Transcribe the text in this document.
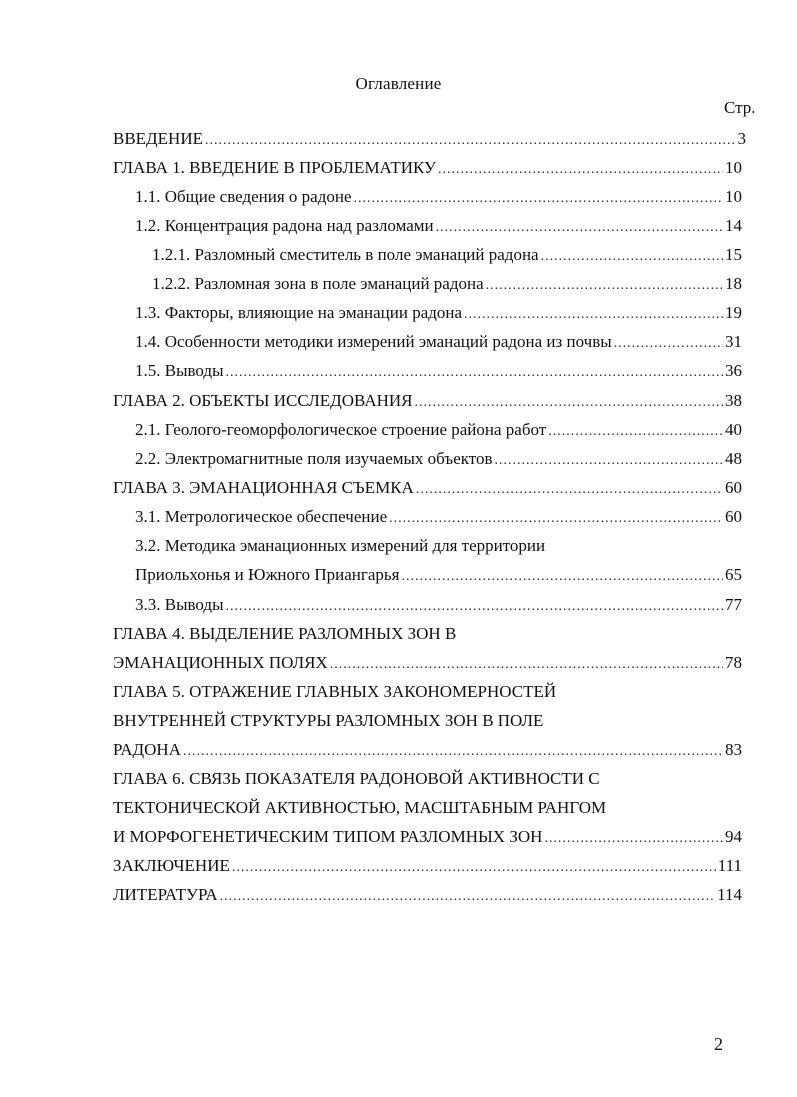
Оглавление
Стр.
ВВЕДЕНИЕ .....	3
ГЛАВА 1. ВВЕДЕНИЕ В ПРОБЛЕМАТИКУ .....	10
1.1. Общие сведения о радоне .....	10
1.2. Концентрация радона над разломами .....	14
1.2.1. Разломный сместитель в поле эманаций радона .....	15
1.2.2. Разломная зона в поле эманаций радона .....	18
1.3. Факторы, влияющие на эманации радона .....	19
1.4. Особенности методики измерений эманаций радона из почвы .....	31
1.5. Выводы .....	36
ГЛАВА 2. ОБЪЕКТЫ ИССЛЕДОВАНИЯ .....	38
2.1. Геолого-геоморфологическое строение района работ .....	40
2.2. Электромагнитные поля изучаемых объектов .....	48
ГЛАВА 3. ЭМАНАЦИОННАЯ СЪЕМКА .....	60
3.1. Метрологическое обеспечение .....	60
3.2. Методика эманационных измерений для территории
Приольхонья и Южного Приангарья .....	65
3.3. Выводы .....	77
ГЛАВА 4. ВЫДЕЛЕНИЕ РАЗЛОМНЫХ ЗОН В
ЭМАНАЦИОННЫХ ПОЛЯХ .....	78
ГЛАВА 5. ОТРАЖЕНИЕ ГЛАВНЫХ ЗАКОНОМЕРНОСТЕЙ
ВНУТРЕННЕЙ СТРУКТУРЫ РАЗЛОМНЫХ ЗОН В ПОЛЕ
РАДОНА .....	83
ГЛАВА 6. СВЯЗЬ ПОКАЗАТЕЛЯ РАДОНОВОЙ АКТИВНОСТИ С
ТЕКТОНИЧЕСКОЙ АКТИВНОСТЬЮ, МАСШТАБНЫМ РАНГОМ
И МОРФОГЕНЕТИЧЕСКИМ ТИПОМ РАЗЛОМНЫХ ЗОН .....	94
ЗАКЛЮЧЕНИЕ .....	111
ЛИТЕРАТУРА .....	114
2
